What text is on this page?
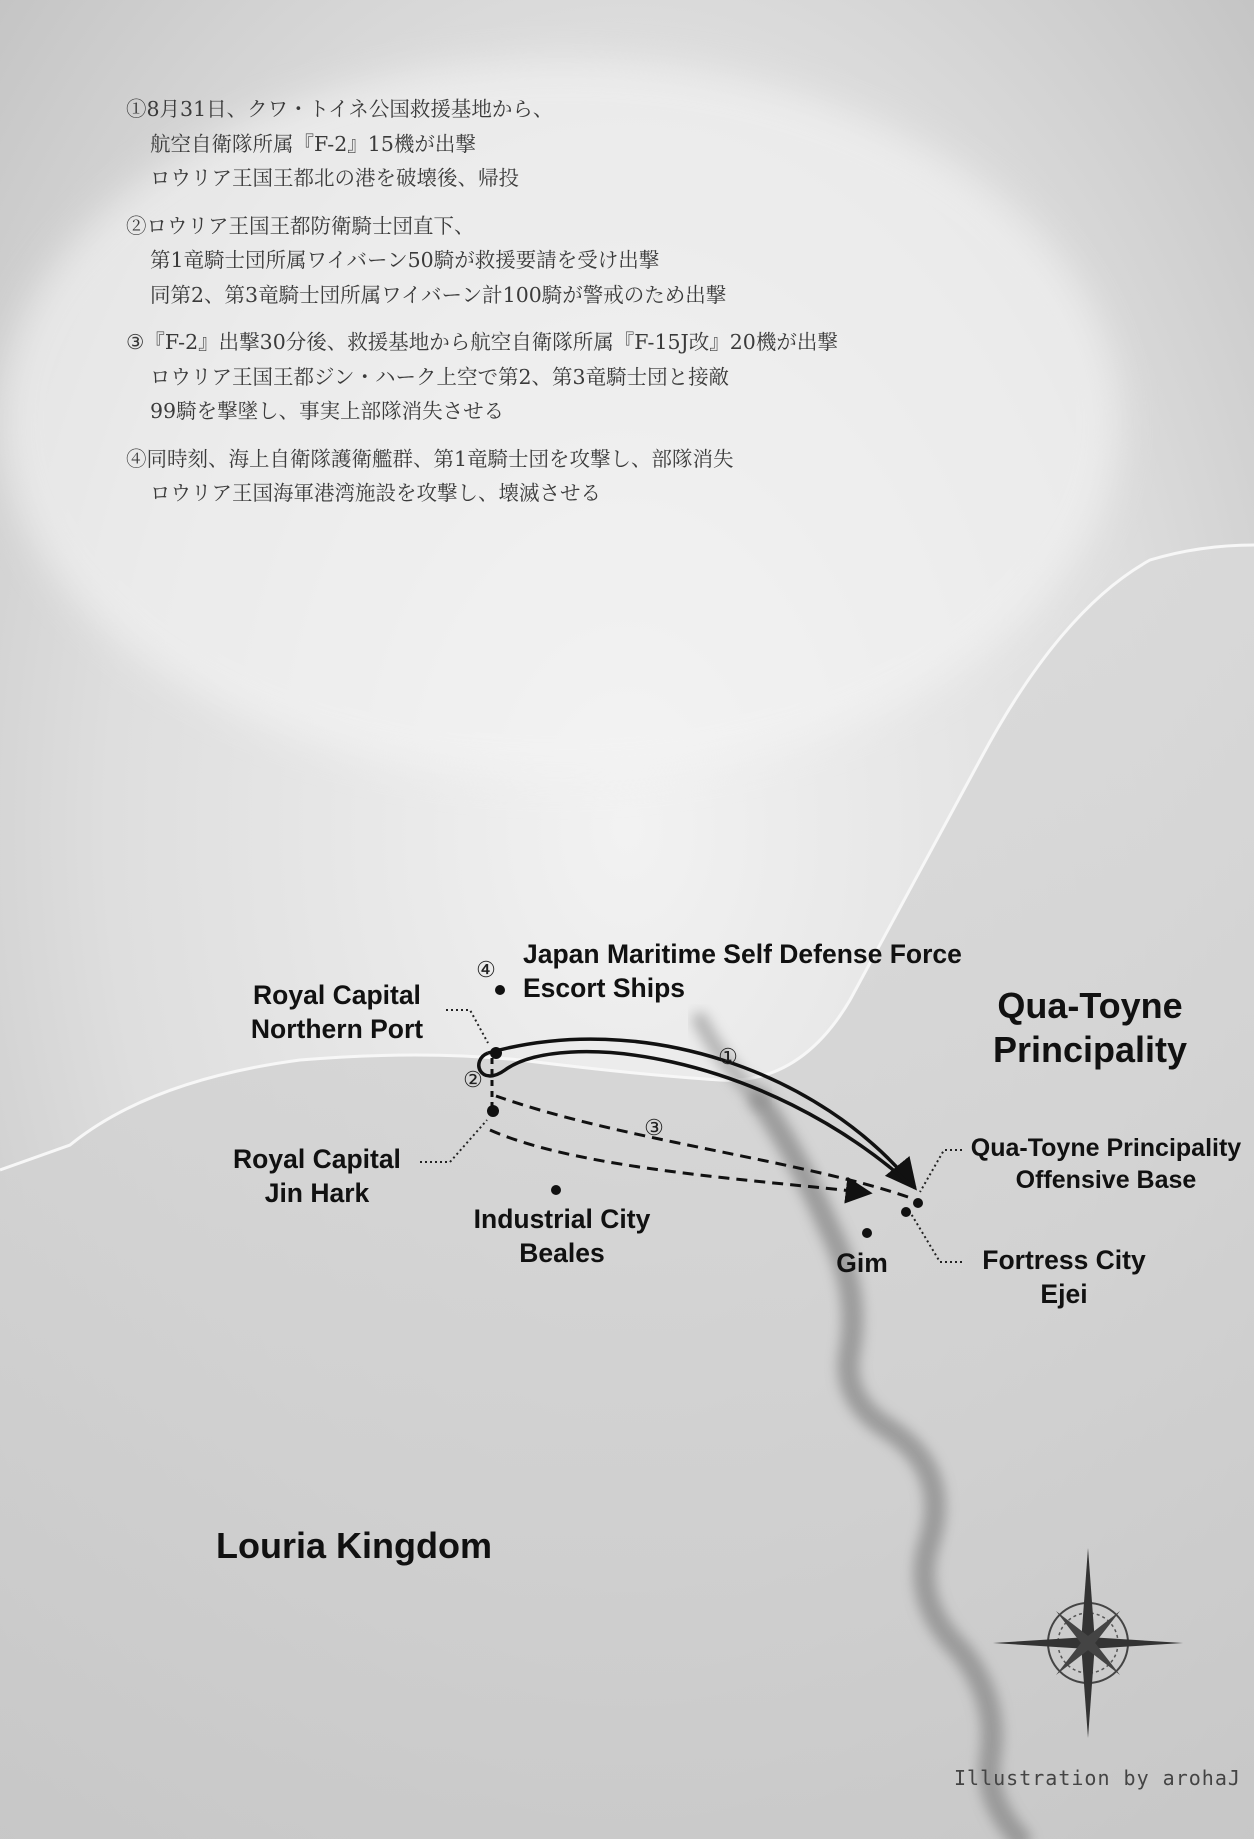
①
②
③
④
①8月31日、クワ・トイネ公国救援基地から、
航空自衛隊所属『F-2』15機が出撃
ロウリア王国王都北の港を破壊後、帰投
②ロウリア王国王都防衛騎士団直下、
第1竜騎士団所属ワイバーン50騎が救援要請を受け出撃
同第2、第3竜騎士団所属ワイバーン計100騎が警戒のため出撃
③『F-2』出撃30分後、救援基地から航空自衛隊所属『F-15J改』20機が出撃
ロウリア王国王都ジン・ハーク上空で第2、第3竜騎士団と接敵
99騎を撃墜し、事実上部隊消失させる
④同時刻、海上自衛隊護衛艦群、第1竜騎士団を攻撃し、部隊消失
ロウリア王国海軍港湾施設を攻撃し、壊滅させる
Japan Maritime Self Defense Force
Escort Ships
Royal Capital
Northern Port
Royal Capital
Jin Hark
Industrial City
Beales	Gim
Qua-Toyne Principality
Offensive Base
Fortress City
Ejei
Qua-Toyne
Principality
Louria Kingdom
Illustration by arohaJ
